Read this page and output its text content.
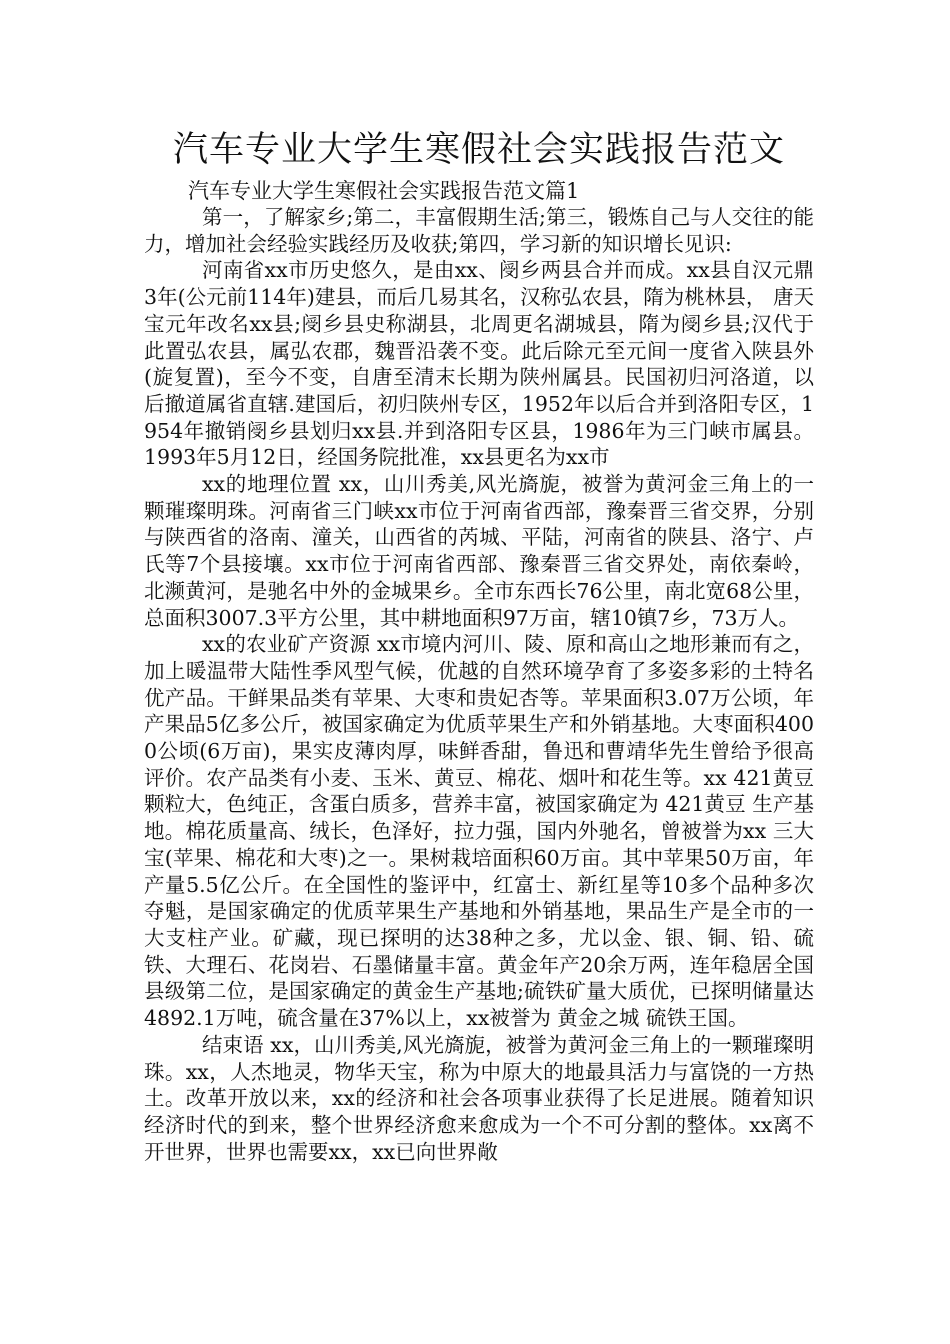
汽车专业大学生寒假社会实践报告范文

汽车专业大学生寒假社会实践报告范文篇1

第一，了解家乡;第二，丰富假期生活;第三，锻炼自己与人交往的能力，增加社会经验实践经历及收获;第四，学习新的知识增长见识:

河南省xx市历史悠久，是由xx、阌乡两县合并而成。xx县自汉元鼎3年(公元前114年)建县，而后几易其名，汉称弘农县，隋为桃林县， 唐天宝元年改名xx县;阌乡县史称湖县，北周更名湖城县，隋为阌乡县;汉代于此置弘农县，属弘农郡，魏晋沿袭不变。此后除元至元间一度省入陕县外(旋复置)，至今不变，自唐至清末长期为陕州属县。民国初归河洛道，以后撤道属省直辖.建国后，初归陕州专区，1952年以后合并到洛阳专区，1954年撤销阌乡县划归xx县.并到洛阳专区县，1986年为三门峡市属县。 1993年5月12日，经国务院批准，xx县更名为xx市

xx的地理位置 xx，山川秀美,风光旖旎，被誉为黄河金三角上的一颗璀璨明珠。河南省三门峡xx市位于河南省西部，豫秦晋三省交界，分别与陕西省的洛南、潼关，山西省的芮城、平陆，河南省的陕县、洛宁、卢氏等7个县接壤。xx市位于河南省西部、豫秦晋三省交界处，南依秦岭，北濒黄河，是驰名中外的金城果乡。全市东西长76公里，南北宽68公里，总面积3007.3平方公里，其中耕地面积97万亩，辖10镇7乡，73万人。

xx的农业矿产资源 xx市境内河川、陵、原和高山之地形兼而有之，加上暖温带大陆性季风型气候，优越的自然环境孕育了多姿多彩的土特名优产品。干鲜果品类有苹果、大枣和贵妃杏等。苹果面积3.07万公顷，年产果品5亿多公斤，被国家确定为优质苹果生产和外销基地。大枣面积4000公顷(6万亩)，果实皮薄肉厚，味鲜香甜，鲁迅和曹靖华先生曾给予很高评价。农产品类有小麦、玉米、黄豆、棉花、烟叶和花生等。xx 421黄豆 颗粒大，色纯正，含蛋白质多，营养丰富，被国家确定为 421黄豆 生产基地。棉花质量高、绒长，色泽好，拉力强，国内外驰名，曾被誉为xx 三大宝(苹果、棉花和大枣)之一。果树栽培面积60万亩。其中苹果50万亩，年产量5.5亿公斤。在全国性的鉴评中，红富士、新红星等10多个品种多次夺魁，是国家确定的优质苹果生产基地和外销基地，果品生产是全市的一大支柱产业。矿藏，现已探明的达38种之多，尤以金、银、铜、铅、硫铁、大理石、花岗岩、石墨储量丰富。黄金年产20余万两，连年稳居全国县级第二位，是国家确定的黄金生产基地;硫铁矿量大质优，已探明储量达4892.1万吨，硫含量在37%以上，xx被誉为 黄金之城 硫铁王国。

结束语 xx，山川秀美,风光旖旎，被誉为黄河金三角上的一颗璀璨明珠。xx，人杰地灵，物华天宝，称为中原大的地最具活力与富饶的一方热土。改革开放以来，xx的经济和社会各项事业获得了长足进展。随着知识经济时代的到来，整个世界经济愈来愈成为一个不可分割的整体。xx离不开世界，世界也需要xx，xx已向世界敞
